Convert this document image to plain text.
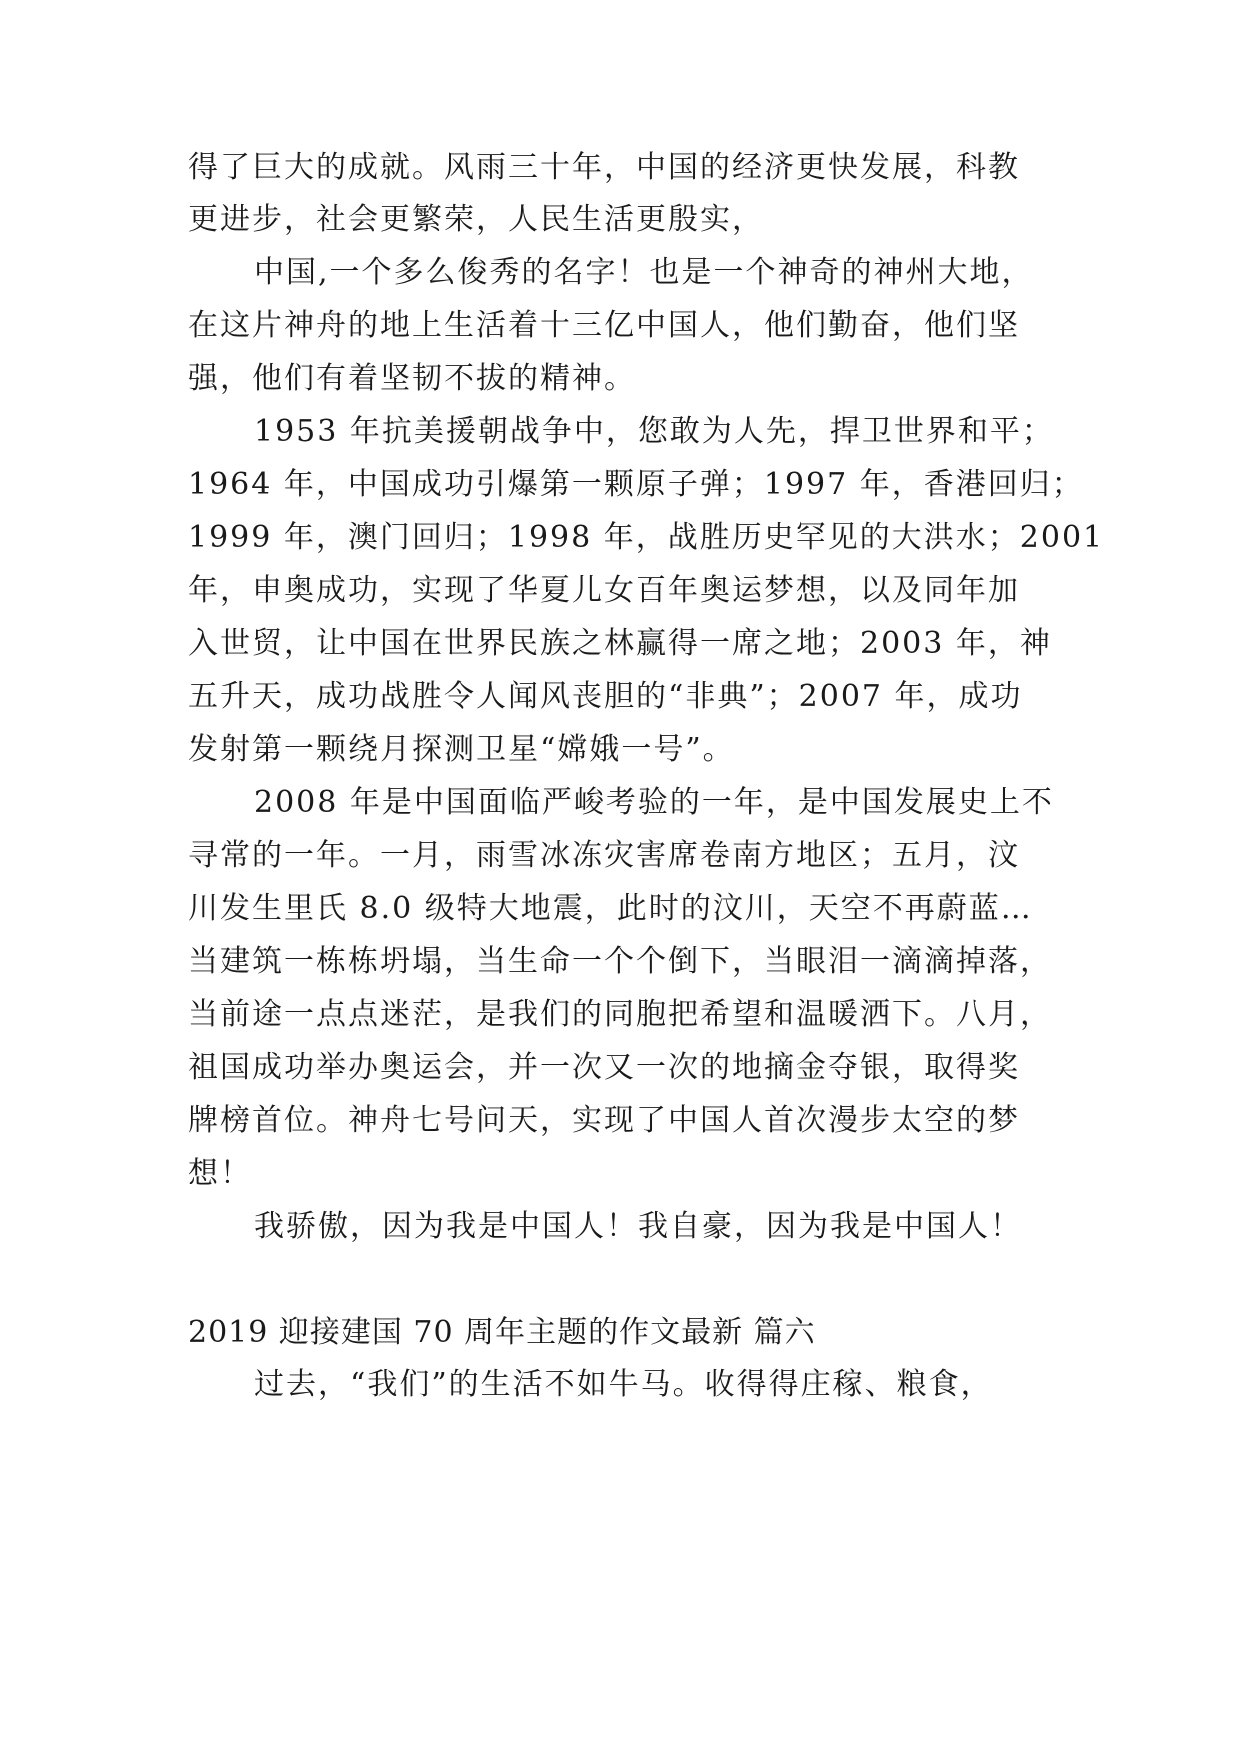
得了巨大的成就。风雨三十年，中国的经济更快发展，科教
更进步，社会更繁荣，人民生活更殷实，
中国,一个多么俊秀的名字！也是一个神奇的神州大地，
在这片神舟的地上生活着十三亿中国人，他们勤奋，他们坚
强，他们有着坚韧不拔的精神。
1953 年抗美援朝战争中，您敢为人先，捍卫世界和平；
1964 年，中国成功引爆第一颗原子弹；1997 年，香港回归；
1999 年，澳门回归；1998 年，战胜历史罕见的大洪水；2001
年，申奥成功，实现了华夏儿女百年奥运梦想，以及同年加
入世贸，让中国在世界民族之林赢得一席之地；2003 年，神
五升天，成功战胜令人闻风丧胆的“非典”；2007 年，成功
发射第一颗绕月探测卫星“嫦娥一号”。
2008 年是中国面临严峻考验的一年，是中国发展史上不
寻常的一年。一月，雨雪冰冻灾害席卷南方地区；五月，汶
川发生里氏 8.0 级特大地震，此时的汶川，天空不再蔚蓝…
当建筑一栋栋坍塌，当生命一个个倒下，当眼泪一滴滴掉落，
当前途一点点迷茫，是我们的同胞把希望和温暖洒下。八月，
祖国成功举办奥运会，并一次又一次的地摘金夺银，取得奖
牌榜首位。神舟七号问天，实现了中国人首次漫步太空的梦
想！
我骄傲，因为我是中国人！我自豪，因为我是中国人！
2019 迎接建国 70 周年主题的作文最新 篇六
过去，“我们”的生活不如牛马。收得得庄稼、粮食，
